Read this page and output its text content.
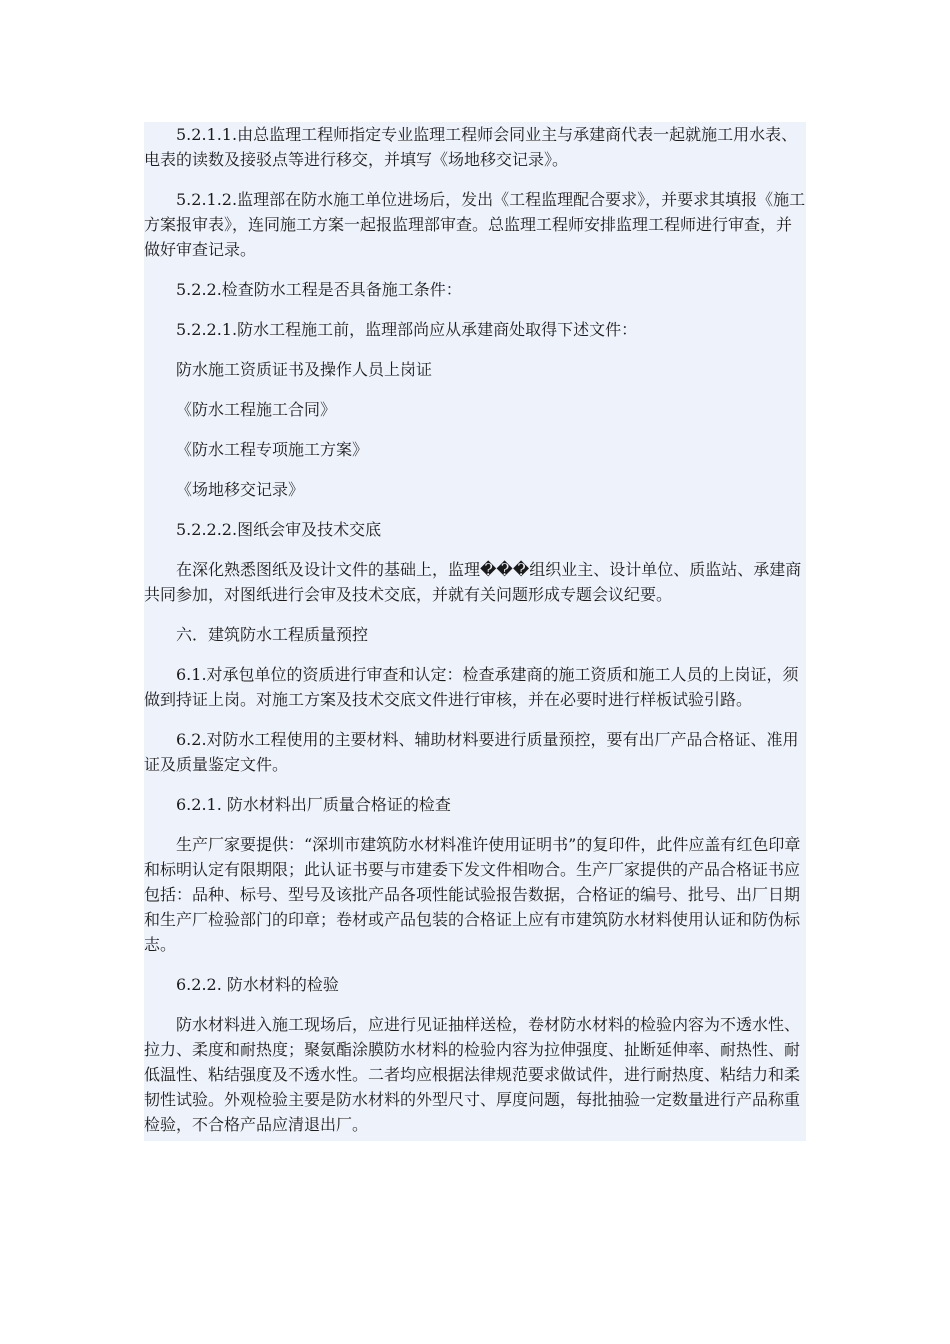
5.2.1.1.由总监理工程师指定专业监理工程师会同业主与承建商代表一起就施工用水表、电表的读数及接驳点等进行移交，并填写《场地移交记录》。

5.2.1.2.监理部在防水施工单位进场后，发出《工程监理配合要求》，并要求其填报《施工方案报审表》，连同施工方案一起报监理部审查。总监理工程师安排监理工程师进行审查，并做好审查记录。

5.2.2.检查防水工程是否具备施工条件：

5.2.2.1.防水工程施工前，监理部尚应从承建商处取得下述文件：

防水施工资质证书及操作人员上岗证

《防水工程施工合同》

《防水工程专项施工方案》

《场地移交记录》

5.2.2.2.图纸会审及技术交底

在深化熟悉图纸及设计文件的基础上，监理���组织业主、设计单位、质监站、承建商共同参加，对图纸进行会审及技术交底，并就有关问题形成专题会议纪要。

六．建筑防水工程质量预控

6.1.对承包单位的资质进行审查和认定：检查承建商的施工资质和施工人员的上岗证，须做到持证上岗。对施工方案及技术交底文件进行审核，并在必要时进行样板试验引路。

6.2.对防水工程使用的主要材料、辅助材料要进行质量预控，要有出厂产品合格证、准用证及质量鉴定文件。

6.2.1. 防水材料出厂质量合格证的检查

生产厂家要提供：“深圳市建筑防水材料准许使用证明书”的复印件，此件应盖有红色印章和标明认定有限期限；此认证书要与市建委下发文件相吻合。生产厂家提供的产品合格证书应包括：品种、标号、型号及该批产品各项性能试验报告数据，合格证的编号、批号、出厂日期和生产厂检验部门的印章；卷材或产品包装的合格证上应有市建筑防水材料使用认证和防伪标志。

6.2.2. 防水材料的检验

防水材料进入施工现场后，应进行见证抽样送检，卷材防水材料的检验内容为不透水性、拉力、柔度和耐热度；聚氨酯涂膜防水材料的检验内容为拉伸强度、扯断延伸率、耐热性、耐低温性、粘结强度及不透水性。二者均应根据法律规范要求做试件，进行耐热度、粘结力和柔韧性试验。外观检验主要是防水材料的外型尺寸、厚度问题，每批抽验一定数量进行产品称重检验，不合格产品应清退出厂。
